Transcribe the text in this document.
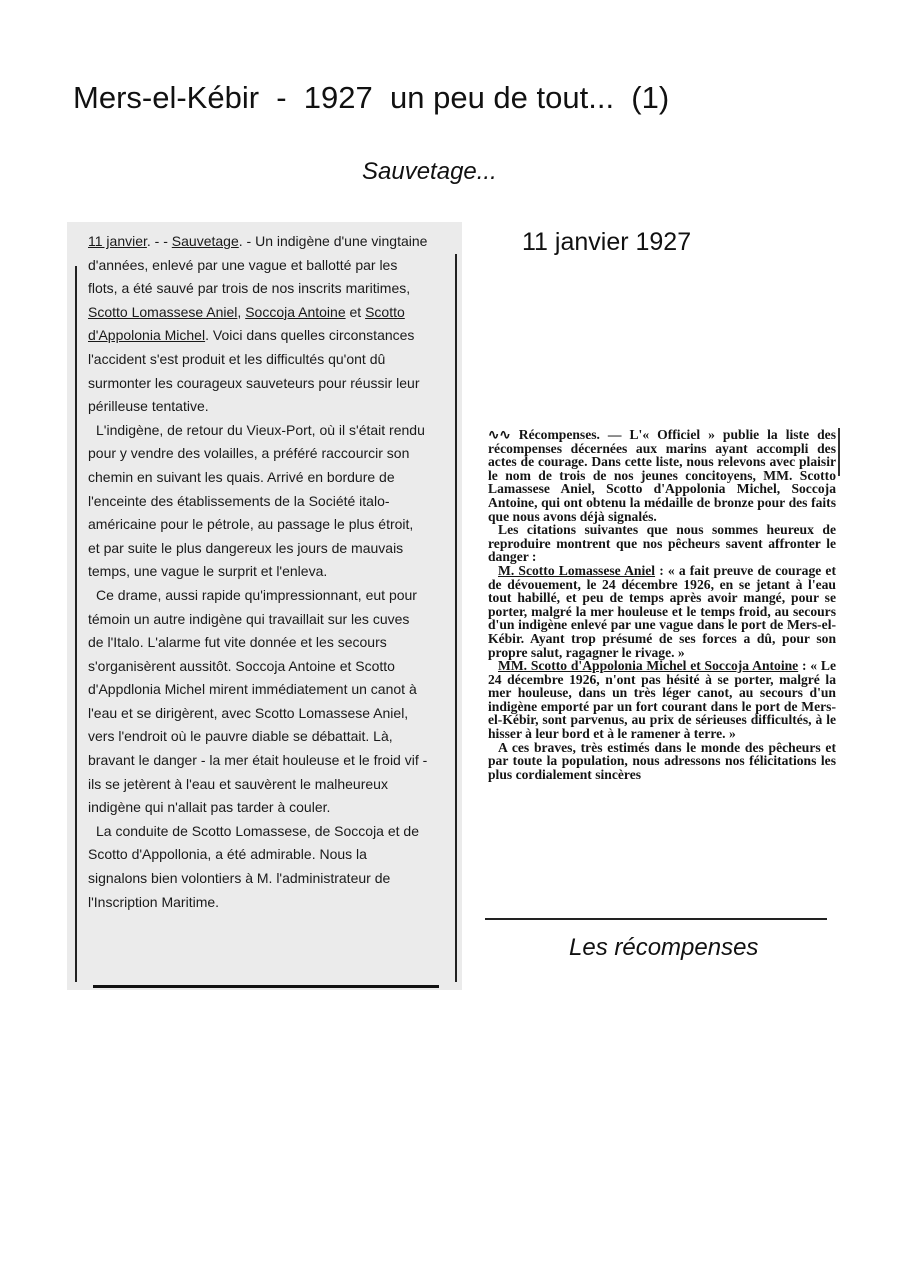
Mers-el-Kébir  -  1927  un peu de tout...  (1)
Sauvetage...

11 janvier. - - Sauvetage. - Un indigène d'une vingtaine d'années, enlevé par une vague et ballotté par les flots, a été sauvé par trois de nos inscrits maritimes, Scotto Lomassese Aniel, Soccoja Antoine et Scotto d'Appolonia Michel. Voici dans quelles circonstances l'accident s'est produit et les difficultés qu'ont dû surmonter les courageux sauveteurs pour réussir leur périlleuse tentative.

L'indigène, de retour du Vieux-Port, où il s'était rendu pour y vendre des volailles, a préféré raccourcir son chemin en suivant les quais. Arrivé en bordure de l'enceinte des établissements de la Société italo-américaine pour le pétrole, au passage le plus étroit, et par suite le plus dangereux les jours de mauvais temps, une vague le surprit et l'enleva.

Ce drame, aussi rapide qu'impressionnant, eut pour témoin un autre indigène qui travaillait sur les cuves de l'Italo. L'alarme fut vite donnée et les secours s'organisèrent aussitôt. Soccoja Antoine et Scotto d'Appdlonia Michel mirent immédiatement un canot à l'eau et se dirigèrent, avec Scotto Lomassese Aniel, vers l'endroit où le pauvre diable se débattait. Là, bravant le danger - la mer était houleuse et le froid vif - ils se jetèrent à l'eau et sauvèrent le malheureux indigène qui n'allait pas tarder à couler.

La conduite de Scotto Lomassese, de Soccoja et de Scotto d'Appollonia, a été admirable. Nous la signalons bien volontiers à M. l'administrateur de l'Inscription Maritime.

11 janvier 1927

∿∿ Récompenses. — L'« Officiel » publie la liste des récompenses décernées aux marins ayant accompli des actes de courage. Dans cette liste, nous relevons avec plaisir le nom de trois de nos jeunes concitoyens, MM. Scotto Lamassese Aniel, Scotto d'Appolonia Michel, Soccoja Antoine, qui ont obtenu la médaille de bronze pour des faits que nous avons déjà signalés.

Les citations suivantes que nous sommes heureux de reproduire montrent que nos pêcheurs savent affronter le danger :

M. Scotto Lomassese Aniel : « a fait preuve de courage et de dévouement, le 24 décembre 1926, en se jetant à l'eau tout habillé, et peu de temps après avoir mangé, pour se porter, malgré la mer houleuse et le temps froid, au secours d'un indigène enlevé par une vague dans le port de Mers-el-Kébir. Ayant trop présumé de ses forces a dû, pour son propre salut, ragagner le rivage. »

MM. Scotto d'Appolonia Michel et Soccoja Antoine : « Le 24 décembre 1926, n'ont pas hésité à se porter, malgré la mer houleuse, dans un très léger canot, au secours d'un indigène emporté par un fort courant dans le port de Mers-el-Kébir, sont parvenus, au prix de sérieuses difficultés, à le hisser à leur bord et à le ramener à terre. »

A ces braves, très estimés dans le monde des pêcheurs et par toute la population, nous adressons nos félicitations les plus cordialement sincères

Les récompenses
